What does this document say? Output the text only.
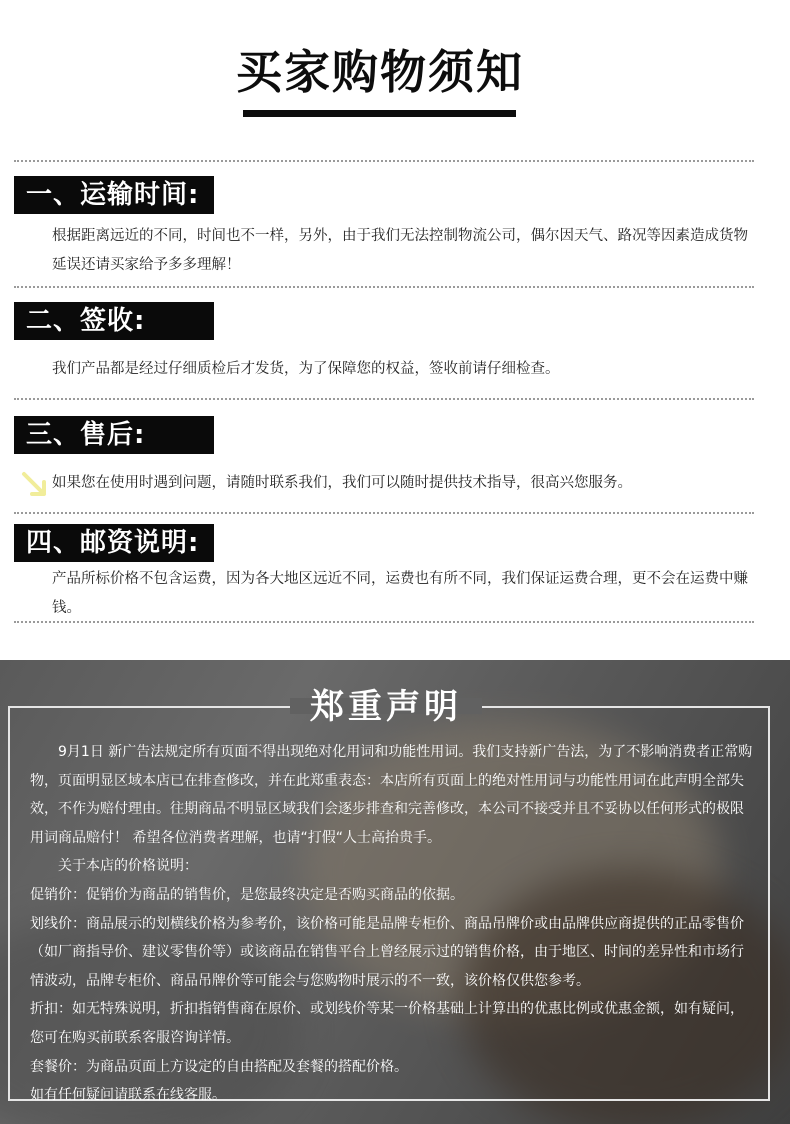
买家购物须知
一、运输时间:
根据距离远近的不同，时间也不一样，另外，由于我们无法控制物流公司，偶尔因天气、路况等因素造成货物延误还请买家给予多多理解！
二、签收:
我们产品都是经过仔细质检后才发货，为了保障您的权益，签收前请仔细检查。
三、售后:
如果您在使用时遇到问题，请随时联系我们，我们可以随时提供技术指导，很高兴您服务。
四、邮资说明:
产品所标价格不包含运费，因为各大地区远近不同，运费也有所不同，我们保证运费合理，更不会在运费中赚钱。
郑重声明

9月1日 新广告法规定所有页面不得出现绝对化用词和功能性用词。我们支持新广告法，为了不影响消费者正常购物，页面明显区域本店已在排查修改，并在此郑重表态：本店所有页面上的绝对性用词与功能性用词在此声明全部失效，不作为赔付理由。往期商品不明显区域我们会逐步排查和完善修改，本公司不接受并且不妥协以任何形式的极限用词商品赔付！ 希望各位消费者理解，也请“打假“人士高抬贵手。

关于本店的价格说明：

促销价：促销价为商品的销售价，是您最终决定是否购买商品的依据。

划线价：商品展示的划横线价格为参考价，该价格可能是品牌专柜价、商品吊牌价或由品牌供应商提供的正品零售价（如厂商指导价、建议零售价等）或该商品在销售平台上曾经展示过的销售价格，由于地区、时间的差异性和市场行情波动，品牌专柜价、商品吊牌价等可能会与您购物时展示的不一致，该价格仅供您参考。

折扣：如无特殊说明，折扣指销售商在原价、或划线价等某一价格基础上计算出的优惠比例或优惠金额，如有疑问，您可在购买前联系客服咨询详情。

套餐价：为商品页面上方设定的自由搭配及套餐的搭配价格。

如有任何疑问请联系在线客服。
